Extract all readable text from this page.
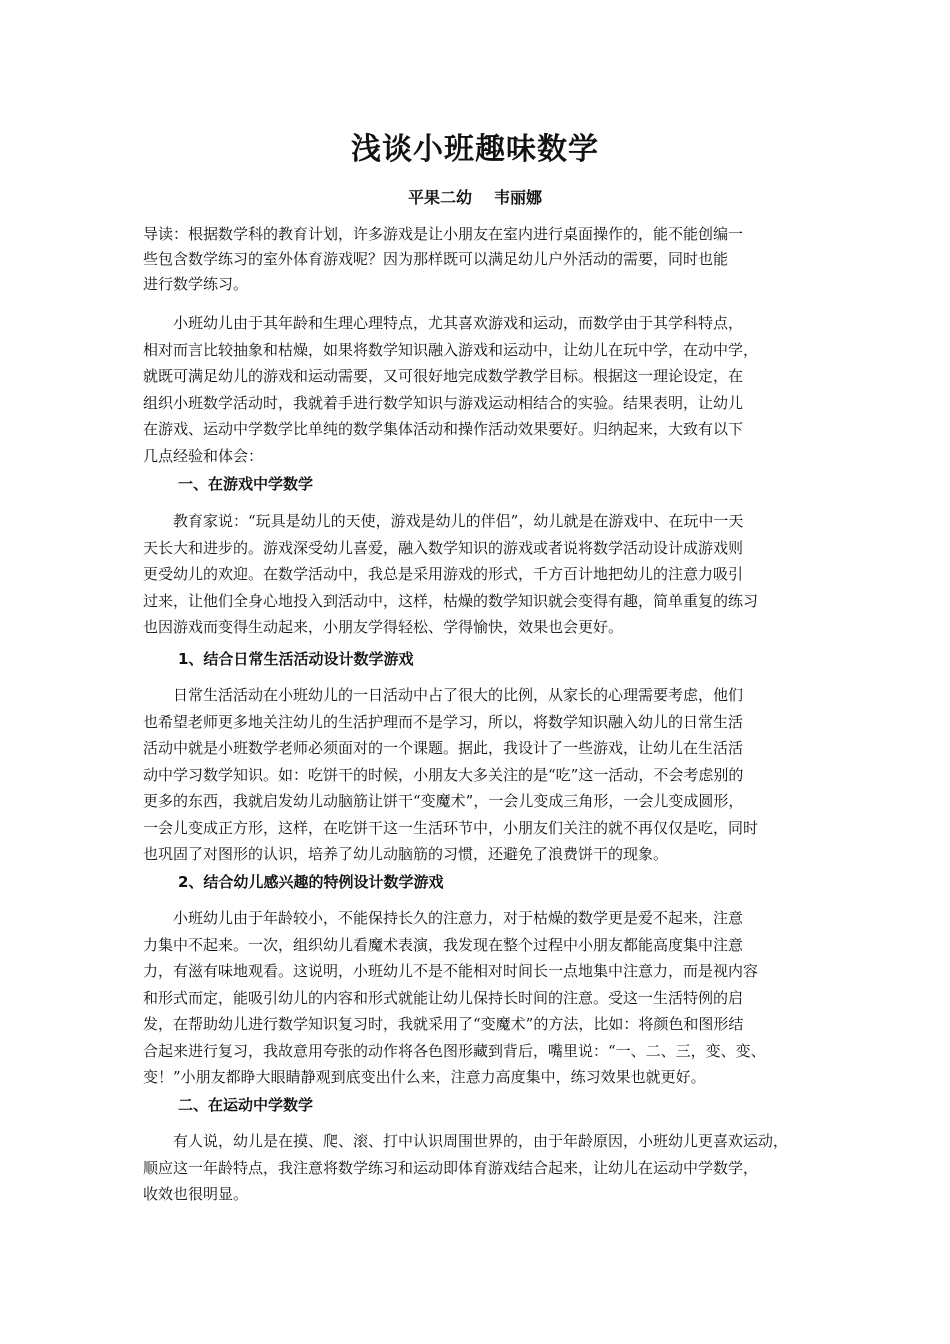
浅谈小班趣味数学
平果二幼 韦丽娜
导读：根据数学科的教育计划，许多游戏是让小朋友在室内进行桌面操作的，能不能创编一
些包含数学练习的室外体育游戏呢？因为那样既可以满足幼儿户外活动的需要，同时也能
进行数学练习。
　　小班幼儿由于其年龄和生理心理特点，尤其喜欢游戏和运动，而数学由于其学科特点，
相对而言比较抽象和枯燥，如果将数学知识融入游戏和运动中，让幼儿在玩中学，在动中学，
就既可满足幼儿的游戏和运动需要，又可很好地完成数学教学目标。根据这一理论设定，在
组织小班数学活动时，我就着手进行数学知识与游戏运动相结合的实验。结果表明，让幼儿
在游戏、运动中学数学比单纯的数学集体活动和操作活动效果要好。归纳起来，大致有以下
几点经验和体会：
一、在游戏中学数学
　　教育家说：“玩具是幼儿的天使，游戏是幼儿的伴侣”，幼儿就是在游戏中、在玩中一天
天长大和进步的。游戏深受幼儿喜爱，融入数学知识的游戏或者说将数学活动设计成游戏则
更受幼儿的欢迎。在数学活动中，我总是采用游戏的形式，千方百计地把幼儿的注意力吸引
过来，让他们全身心地投入到活动中，这样，枯燥的数学知识就会变得有趣，简单重复的练习
也因游戏而变得生动起来，小朋友学得轻松、学得愉快，效果也会更好。
1、结合日常生活活动设计数学游戏
　　日常生活活动在小班幼儿的一日活动中占了很大的比例，从家长的心理需要考虑，他们
也希望老师更多地关注幼儿的生活护理而不是学习，所以，将数学知识融入幼儿的日常生活
活动中就是小班数学老师必须面对的一个课题。据此，我设计了一些游戏，让幼儿在生活活
动中学习数学知识。如：吃饼干的时候，小朋友大多关注的是“吃”这一活动，不会考虑别的
更多的东西，我就启发幼儿动脑筋让饼干“变魔术”，一会儿变成三角形，一会儿变成圆形，
一会儿变成正方形，这样，在吃饼干这一生活环节中，小朋友们关注的就不再仅仅是吃，同时
也巩固了对图形的认识，培养了幼儿动脑筋的习惯，还避免了浪费饼干的现象。
2、结合幼儿感兴趣的特例设计数学游戏
　　小班幼儿由于年龄较小，不能保持长久的注意力，对于枯燥的数学更是爱不起来，注意
力集中不起来。一次，组织幼儿看魔术表演，我发现在整个过程中小朋友都能高度集中注意
力，有滋有味地观看。这说明，小班幼儿不是不能相对时间长一点地集中注意力，而是视内容
和形式而定，能吸引幼儿的内容和形式就能让幼儿保持长时间的注意。受这一生活特例的启
发，在帮助幼儿进行数学知识复习时，我就采用了“变魔术”的方法，比如：将颜色和图形结
合起来进行复习，我故意用夸张的动作将各色图形藏到背后，嘴里说：“一、二、三，变、变、
变！”小朋友都睁大眼睛静观到底变出什么来，注意力高度集中，练习效果也就更好。
二、在运动中学数学
　　有人说，幼儿是在摸、爬、滚、打中认识周围世界的，由于年龄原因，小班幼儿更喜欢运动，
顺应这一年龄特点，我注意将数学练习和运动即体育游戏结合起来，让幼儿在运动中学数学，
收效也很明显。
